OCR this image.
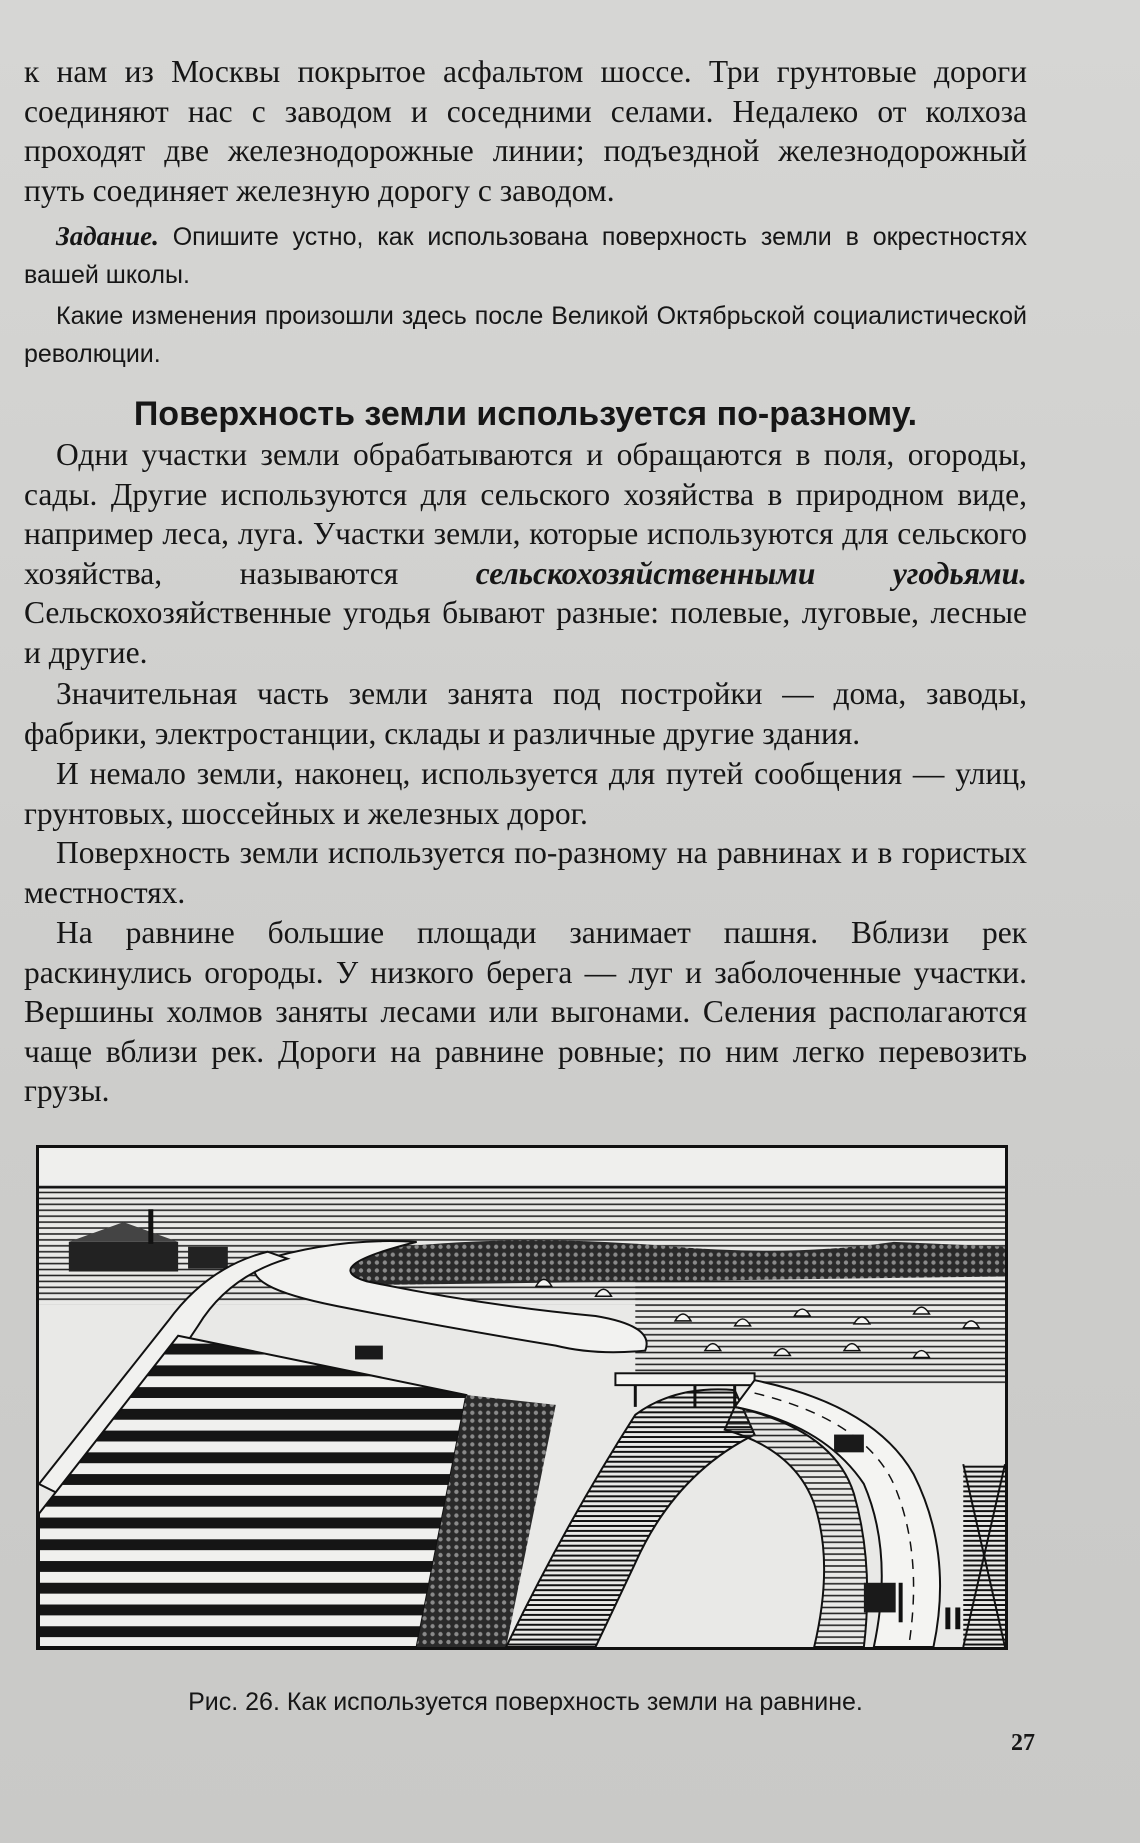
к нам из Москвы покрытое асфальтом шоссе. Три грунтовые дороги соединяют нас с заводом и соседними селами. Недалеко от колхоза проходят две железнодорожные линии; подъездной железнодорожный путь соединяет железную дорогу с заводом.

Задание. Опишите устно, как использована поверхность земли в окрестностях вашей школы.

Какие изменения произошли здесь после Великой Октябрьской социалистической революции.

Поверхность земли используется по-разному.

Одни участки земли обрабатываются и обращаются в поля, огороды, сады. Другие используются для сельского хозяйства в природном виде, например леса, луга. Участки земли, которые используются для сельского хозяйства, называются сельскохозяйственными угодьями. Сельскохозяйственные угодья бывают разные: полевые, луговые, лесные и другие.

Значительная часть земли занята под постройки — дома, заводы, фабрики, электростанции, склады и различные другие здания.

И немало земли, наконец, используется для путей сообщения — улиц, грунтовых, шоссейных и железных дорог.

Поверхность земли используется по-разному на равнинах и в гористых местностях.

На равнине большие площади занимает пашня. Вблизи рек раскинулись огороды. У низкого берега — луг и заболоченные участки. Вершины холмов заняты лесами или выгонами. Селения располагаются чаще вблизи рек. Дороги на равнине ровные; по ним легко перевозить грузы.

Рис. 26. Как используется поверхность земли на равнине.

27
